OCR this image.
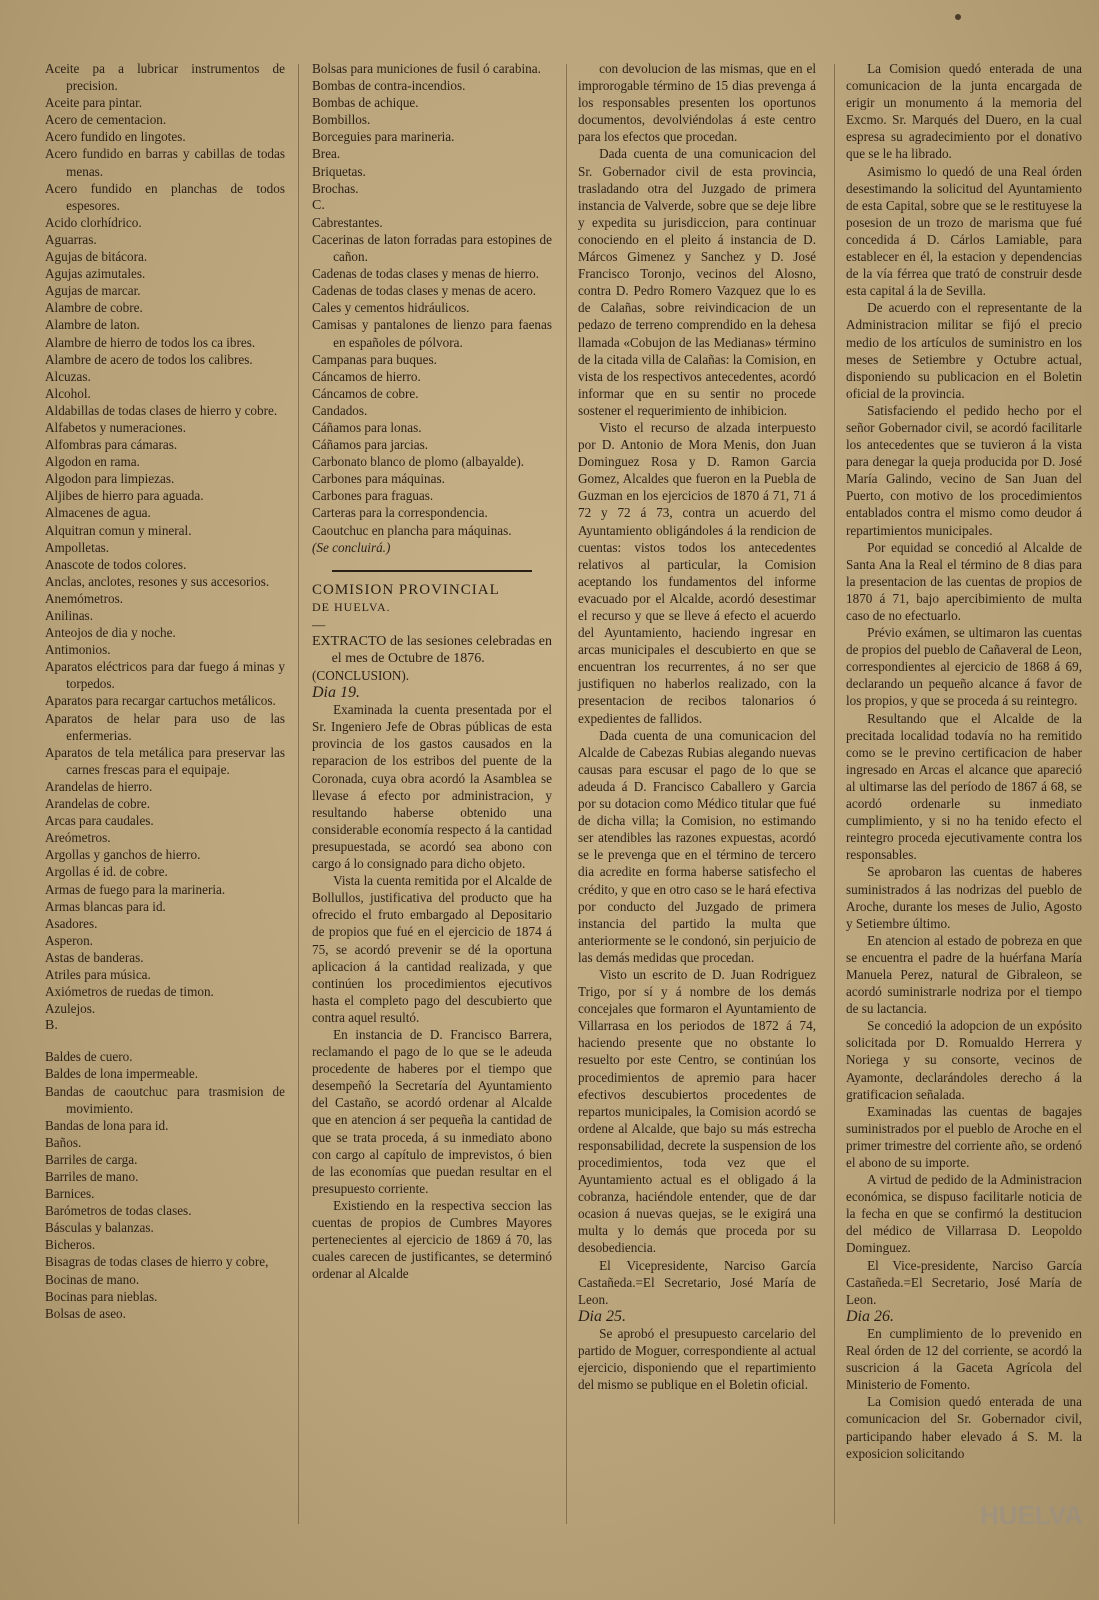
Aceite pa a lubricar instrumentos de precision.

Aceite para pintar.

Acero de cementacion.

Acero fundido en lingotes.

Acero fundido en barras y cabillas de todas menas.

Acero fundido en planchas de todos espesores.

Acido clorhídrico.

Aguarras.

Agujas de bitácora.

Agujas azimutales.

Agujas de marcar.

Alambre de cobre.

Alambre de laton.

Alambre de hierro de todos los ca ibres.

Alambre de acero de todos los calibres.

Alcuzas.

Alcohol.

Aldabillas de todas clases de hierro y cobre.

Alfabetos y numeraciones.

Alfombras para cámaras.

Algodon en rama.

Algodon para limpiezas.

Aljibes de hierro para aguada.

Almacenes de agua.

Alquitran comun y mineral.

Ampolletas.

Anascote de todos colores.

Anclas, anclotes, resones y sus accesorios.

Anemómetros.

Anilinas.

Anteojos de dia y noche.

Antimonios.

Aparatos eléctricos para dar fuego á minas y torpedos.

Aparatos para recargar cartuchos metálicos.

Aparatos de helar para uso de las enfermerias.

Aparatos de tela metálica para preservar las carnes frescas para el equipaje.

Arandelas de hierro.

Arandelas de cobre.

Arcas para caudales.

Areómetros.

Argollas y ganchos de hierro.

Argollas é id. de cobre.

Armas de fuego para la marineria.

Armas blancas para id.

Asadores.

Asperon.

Astas de banderas.

Atriles para música.

Axiómetros de ruedas de timon.

Azulejos.

B.

Baldes de cuero.

Baldes de lona impermeable.

Bandas de caoutchuc para trasmision de movimiento.

Bandas de lona para id.

Baños.

Barriles de carga.

Barriles de mano.

Barnices.

Barómetros de todas clases.

Básculas y balanzas.

Bicheros.

Bisagras de todas clases de hierro y cobre,

Bocinas de mano.

Bocinas para nieblas.

Bolsas de aseo.

Bolsas para municiones de fusil ó carabina.

Bombas de contra-incendios.

Bombas de achique.

Bombillos.

Borceguies para marineria.

Brea.

Briquetas.

Brochas.

C.

Cabrestantes.

Cacerinas de laton forradas para estopines de cañon.

Cadenas de todas clases y menas de hierro.

Cadenas de todas clases y menas de acero.

Cales y cementos hidráulicos.

Camisas y pantalones de lienzo para faenas en españoles de pólvora.

Campanas para buques.

Cáncamos de hierro.

Cáncamos de cobre.

Candados.

Cáñamos para lonas.

Cáñamos para jarcias.

Carbonato blanco de plomo (albayalde).

Carbones para máquinas.

Carbones para fraguas.

Carteras para la correspondencia.

Caoutchuc en plancha para máquinas.

(Se concluirá.)

COMISION PROVINCIAL

DE HUELVA.

—

EXTRACTO de las sesiones celebradas en el mes de Octubre de 1876.

(CONCLUSION).

Dia 19.

Examinada la cuenta presentada por el Sr. Ingeniero Jefe de Obras públicas de esta provincia de los gastos causados en la reparacion de los estribos del puente de la Coronada, cuya obra acordó la Asamblea se llevase á efecto por administracion, y resultando haberse obtenido una considerable economía respecto á la cantidad presupuestada, se acordó sea abono con cargo á lo consignado para dicho objeto.

Vista la cuenta remitida por el Alcalde de Bollullos, justificativa del producto que ha ofrecido el fruto embargado al Depositario de propios que fué en el ejercicio de 1874 á 75, se acordó prevenir se dé la oportuna aplicacion á la cantidad realizada, y que continúen los procedimientos ejecutivos hasta el completo pago del descubierto que contra aquel resultó.

En instancia de D. Francisco Barrera, reclamando el pago de lo que se le adeuda procedente de haberes por el tiempo que desempeñó la Secretaría del Ayuntamiento del Castaño, se acordó ordenar al Alcalde que en atencion á ser pequeña la cantidad de que se trata proceda, á su inmediato abono con cargo al capítulo de imprevistos, ó bien de las economías que puedan resultar en el presupuesto corriente.

Existiendo en la respectiva seccion las cuentas de propios de Cumbres Mayores pertenecientes al ejercicio de 1869 á 70, las cuales carecen de justificantes, se determinó ordenar al Alcalde

con devolucion de las mismas, que en el improrogable término de 15 dias prevenga á los responsables presenten los oportunos documentos, devolviéndolas á este centro para los efectos que procedan.

Dada cuenta de una comunicacion del Sr. Gobernador civil de esta provincia, trasladando otra del Juzgado de primera instancia de Valverde, sobre que se deje libre y expedita su jurisdiccion, para continuar conociendo en el pleito á instancia de D. Márcos Gimenez y Sanchez y D. José Francisco Toronjo, vecinos del Alosno, contra D. Pedro Romero Vazquez que lo es de Calañas, sobre reivindicacion de un pedazo de terreno comprendido en la dehesa llamada «Cobujon de las Medianas» término de la citada villa de Calañas: la Comision, en vista de los respectivos antecedentes, acordó informar que en su sentir no procede sostener el requerimiento de inhibicion.

Visto el recurso de alzada interpuesto por D. Antonio de Mora Menis, don Juan Dominguez Rosa y D. Ramon Garcia Gomez, Alcaldes que fueron en la Puebla de Guzman en los ejercicios de 1870 á 71, 71 á 72 y 72 á 73, contra un acuerdo del Ayuntamiento obligándoles á la rendicion de cuentas: vistos todos los antecedentes relativos al particular, la Comision aceptando los fundamentos del informe evacuado por el Alcalde, acordó desestimar el recurso y que se lleve á efecto el acuerdo del Ayuntamiento, haciendo ingresar en arcas municipales el descubierto en que se encuentran los recurrentes, á no ser que justifiquen no haberlos realizado, con la presentacion de recibos talonarios ó expedientes de fallidos.

Dada cuenta de una comunicacion del Alcalde de Cabezas Rubias alegando nuevas causas para escusar el pago de lo que se adeuda á D. Francisco Caballero y Garcia por su dotacion como Médico titular que fué de dicha villa; la Comision, no estimando ser atendibles las razones expuestas, acordó se le prevenga que en el término de tercero dia acredite en forma haberse satisfecho el crédito, y que en otro caso se le hará efectiva por conducto del Juzgado de primera instancia del partido la multa que anteriormente se le condonó, sin perjuicio de las demás medidas que procedan.

Visto un escrito de D. Juan Rodriguez Trigo, por sí y á nombre de los demás concejales que formaron el Ayuntamiento de Villarrasa en los periodos de 1872 á 74, haciendo presente que no obstante lo resuelto por este Centro, se continúan los procedimientos de apremio para hacer efectivos descubiertos procedentes de repartos municipales, la Comision acordó se ordene al Alcalde, que bajo su más estrecha responsabilidad, decrete la suspension de los procedimientos, toda vez que el Ayuntamiento actual es el obligado á la cobranza, haciéndole entender, que de dar ocasion á nuevas quejas, se le exigirá una multa y lo demás que proceda por su desobediencia.

El Vicepresidente, Narciso García Castañeda.=El Secretario, José María de Leon.

Dia 25.

Se aprobó el presupuesto carcelario del partido de Moguer, correspondiente al actual ejercicio, disponiendo que el repartimiento del mismo se publique en el Boletin oficial.

La Comision quedó enterada de una comunicacion de la junta encargada de erigir un monumento á la memoria del Excmo. Sr. Marqués del Duero, en la cual espresa su agradecimiento por el donativo que se le ha librado.

Asimismo lo quedó de una Real órden desestimando la solicitud del Ayuntamiento de esta Capital, sobre que se le restituyese la posesion de un trozo de marisma que fué concedida á D. Cárlos Lamiable, para establecer en él, la estacion y dependencias de la vía férrea que trató de construir desde esta capital á la de Sevilla.

De acuerdo con el representante de la Administracion militar se fijó el precio medio de los artículos de suministro en los meses de Setiembre y Octubre actual, disponiendo su publicacion en el Boletin oficial de la provincia.

Satisfaciendo el pedido hecho por el señor Gobernador civil, se acordó facilitarle los antecedentes que se tuvieron á la vista para denegar la queja producida por D. José María Galindo, vecino de San Juan del Puerto, con motivo de los procedimientos entablados contra el mismo como deudor á repartimientos municipales.

Por equidad se concedió al Alcalde de Santa Ana la Real el término de 8 dias para la presentacion de las cuentas de propios de 1870 á 71, bajo apercibimiento de multa caso de no efectuarlo.

Prévio exámen, se ultimaron las cuentas de propios del pueblo de Cañaveral de Leon, correspondientes al ejercicio de 1868 á 69, declarando un pequeño alcance á favor de los propios, y que se proceda á su reintegro.

Resultando que el Alcalde de la precitada localidad todavía no ha remitido como se le previno certificacion de haber ingresado en Arcas el alcance que apareció al ultimarse las del período de 1867 á 68, se acordó ordenarle su inmediato cumplimiento, y si no ha tenido efecto el reintegro proceda ejecutivamente contra los responsables.

Se aprobaron las cuentas de haberes suministrados á las nodrizas del pueblo de Aroche, durante los meses de Julio, Agosto y Setiembre último.

En atencion al estado de pobreza en que se encuentra el padre de la huérfana María Manuela Perez, natural de Gibraleon, se acordó suministrarle nodriza por el tiempo de su lactancia.

Se concedió la adopcion de un expósito solicitada por D. Romualdo Herrera y Noriega y su consorte, vecinos de Ayamonte, declarándoles derecho á la gratificacion señalada.

Examinadas las cuentas de bagajes suministrados por el pueblo de Aroche en el primer trimestre del corriente año, se ordenó el abono de su importe.

A virtud de pedido de la Administracion económica, se dispuso facilitarle noticia de la fecha en que se confirmó la destitucion del médico de Villarrasa D. Leopoldo Dominguez.

El Vice-presidente, Narciso García Castañeda.=El Secretario, José María de Leon.

Dia 26.

En cumplimiento de lo prevenido en Real órden de 12 del corriente, se acordó la suscricion á la Gaceta Agrícola del Ministerio de Fomento.

La Comision quedó enterada de una comunicacion del Sr. Gobernador civil, participando haber elevado á S. M. la exposicion solicitando

HUELVA
